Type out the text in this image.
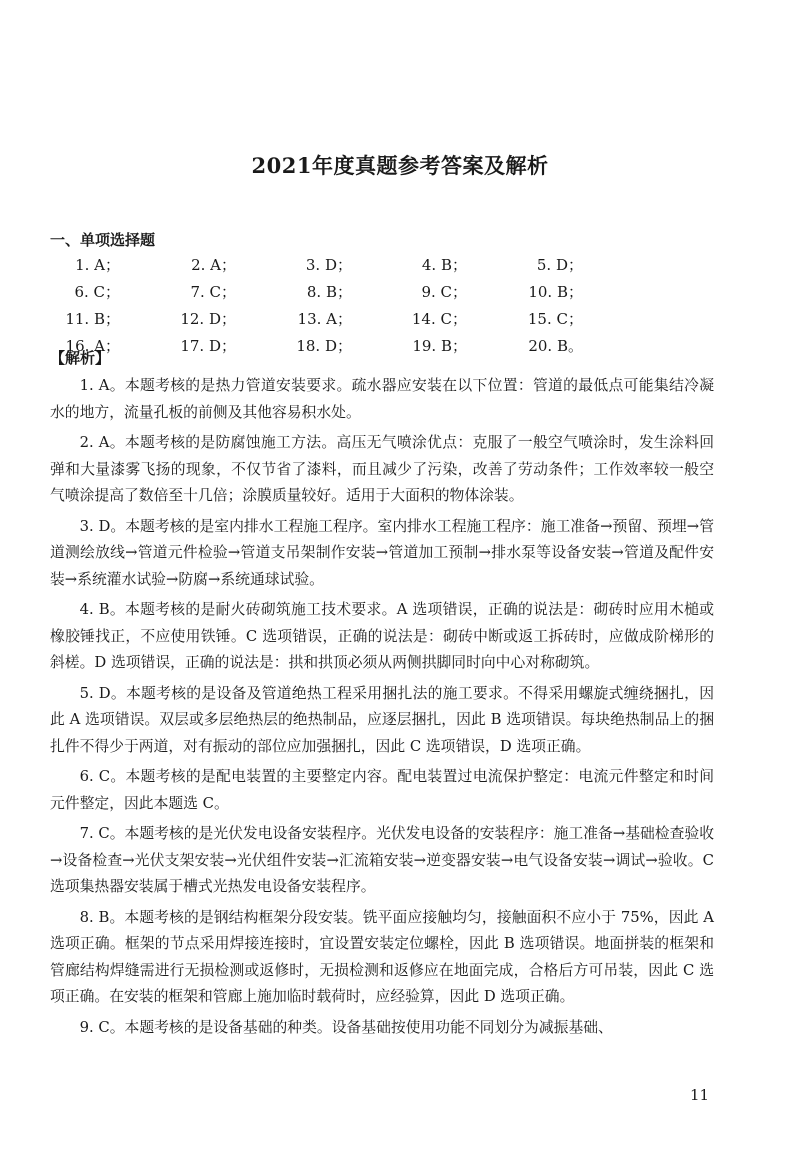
2021年度真题参考答案及解析
一、单项选择题
1. A；	2. A；	3. D；	4. B；	5. D；
6. C；	7. C；	8. B；	9. C；	10. B；
11. B；	12. D；	13. A；	14. C；	15. C；
16. A；	17. D；	18. D；	19. B；	20. B。
【解析】

1. A。本题考核的是热力管道安装要求。疏水器应安装在以下位置：管道的最低点可能集结冷凝水的地方，流量孔板的前侧及其他容易积水处。

2. A。本题考核的是防腐蚀施工方法。高压无气喷涂优点：克服了一般空气喷涂时，发生涂料回弹和大量漆雾飞扬的现象，不仅节省了漆料，而且减少了污染，改善了劳动条件；工作效率较一般空气喷涂提高了数倍至十几倍；涂膜质量较好。适用于大面积的物体涂装。

3. D。本题考核的是室内排水工程施工程序。室内排水工程施工程序：施工准备→预留、预埋→管道测绘放线→管道元件检验→管道支吊架制作安装→管道加工预制→排水泵等设备安装→管道及配件安装→系统灌水试验→防腐→系统通球试验。

4. B。本题考核的是耐火砖砌筑施工技术要求。A 选项错误，正确的说法是：砌砖时应用木槌或橡胶锤找正，不应使用铁锤。C 选项错误，正确的说法是：砌砖中断或返工拆砖时，应做成阶梯形的斜槎。D 选项错误，正确的说法是：拱和拱顶必须从两侧拱脚同时向中心对称砌筑。

5. D。本题考核的是设备及管道绝热工程采用捆扎法的施工要求。不得采用螺旋式缠绕捆扎，因此 A 选项错误。双层或多层绝热层的绝热制品，应逐层捆扎，因此 B 选项错误。每块绝热制品上的捆扎件不得少于两道，对有振动的部位应加强捆扎，因此 C 选项错误，D 选项正确。

6. C。本题考核的是配电装置的主要整定内容。配电装置过电流保护整定：电流元件整定和时间元件整定，因此本题选 C。

7. C。本题考核的是光伏发电设备安装程序。光伏发电设备的安装程序：施工准备→基础检查验收→设备检查→光伏支架安装→光伏组件安装→汇流箱安装→逆变器安装→电气设备安装→调试→验收。C 选项集热器安装属于槽式光热发电设备安装程序。

8. B。本题考核的是钢结构框架分段安装。铣平面应接触均匀，接触面积不应小于 75%，因此 A 选项正确。框架的节点采用焊接连接时，宜设置安装定位螺栓，因此 B 选项错误。地面拼装的框架和管廊结构焊缝需进行无损检测或返修时，无损检测和返修应在地面完成，合格后方可吊装，因此 C 选项正确。在安装的框架和管廊上施加临时载荷时，应经验算，因此 D 选项正确。

9. C。本题考核的是设备基础的种类。设备基础按使用功能不同划分为减振基础、

11
